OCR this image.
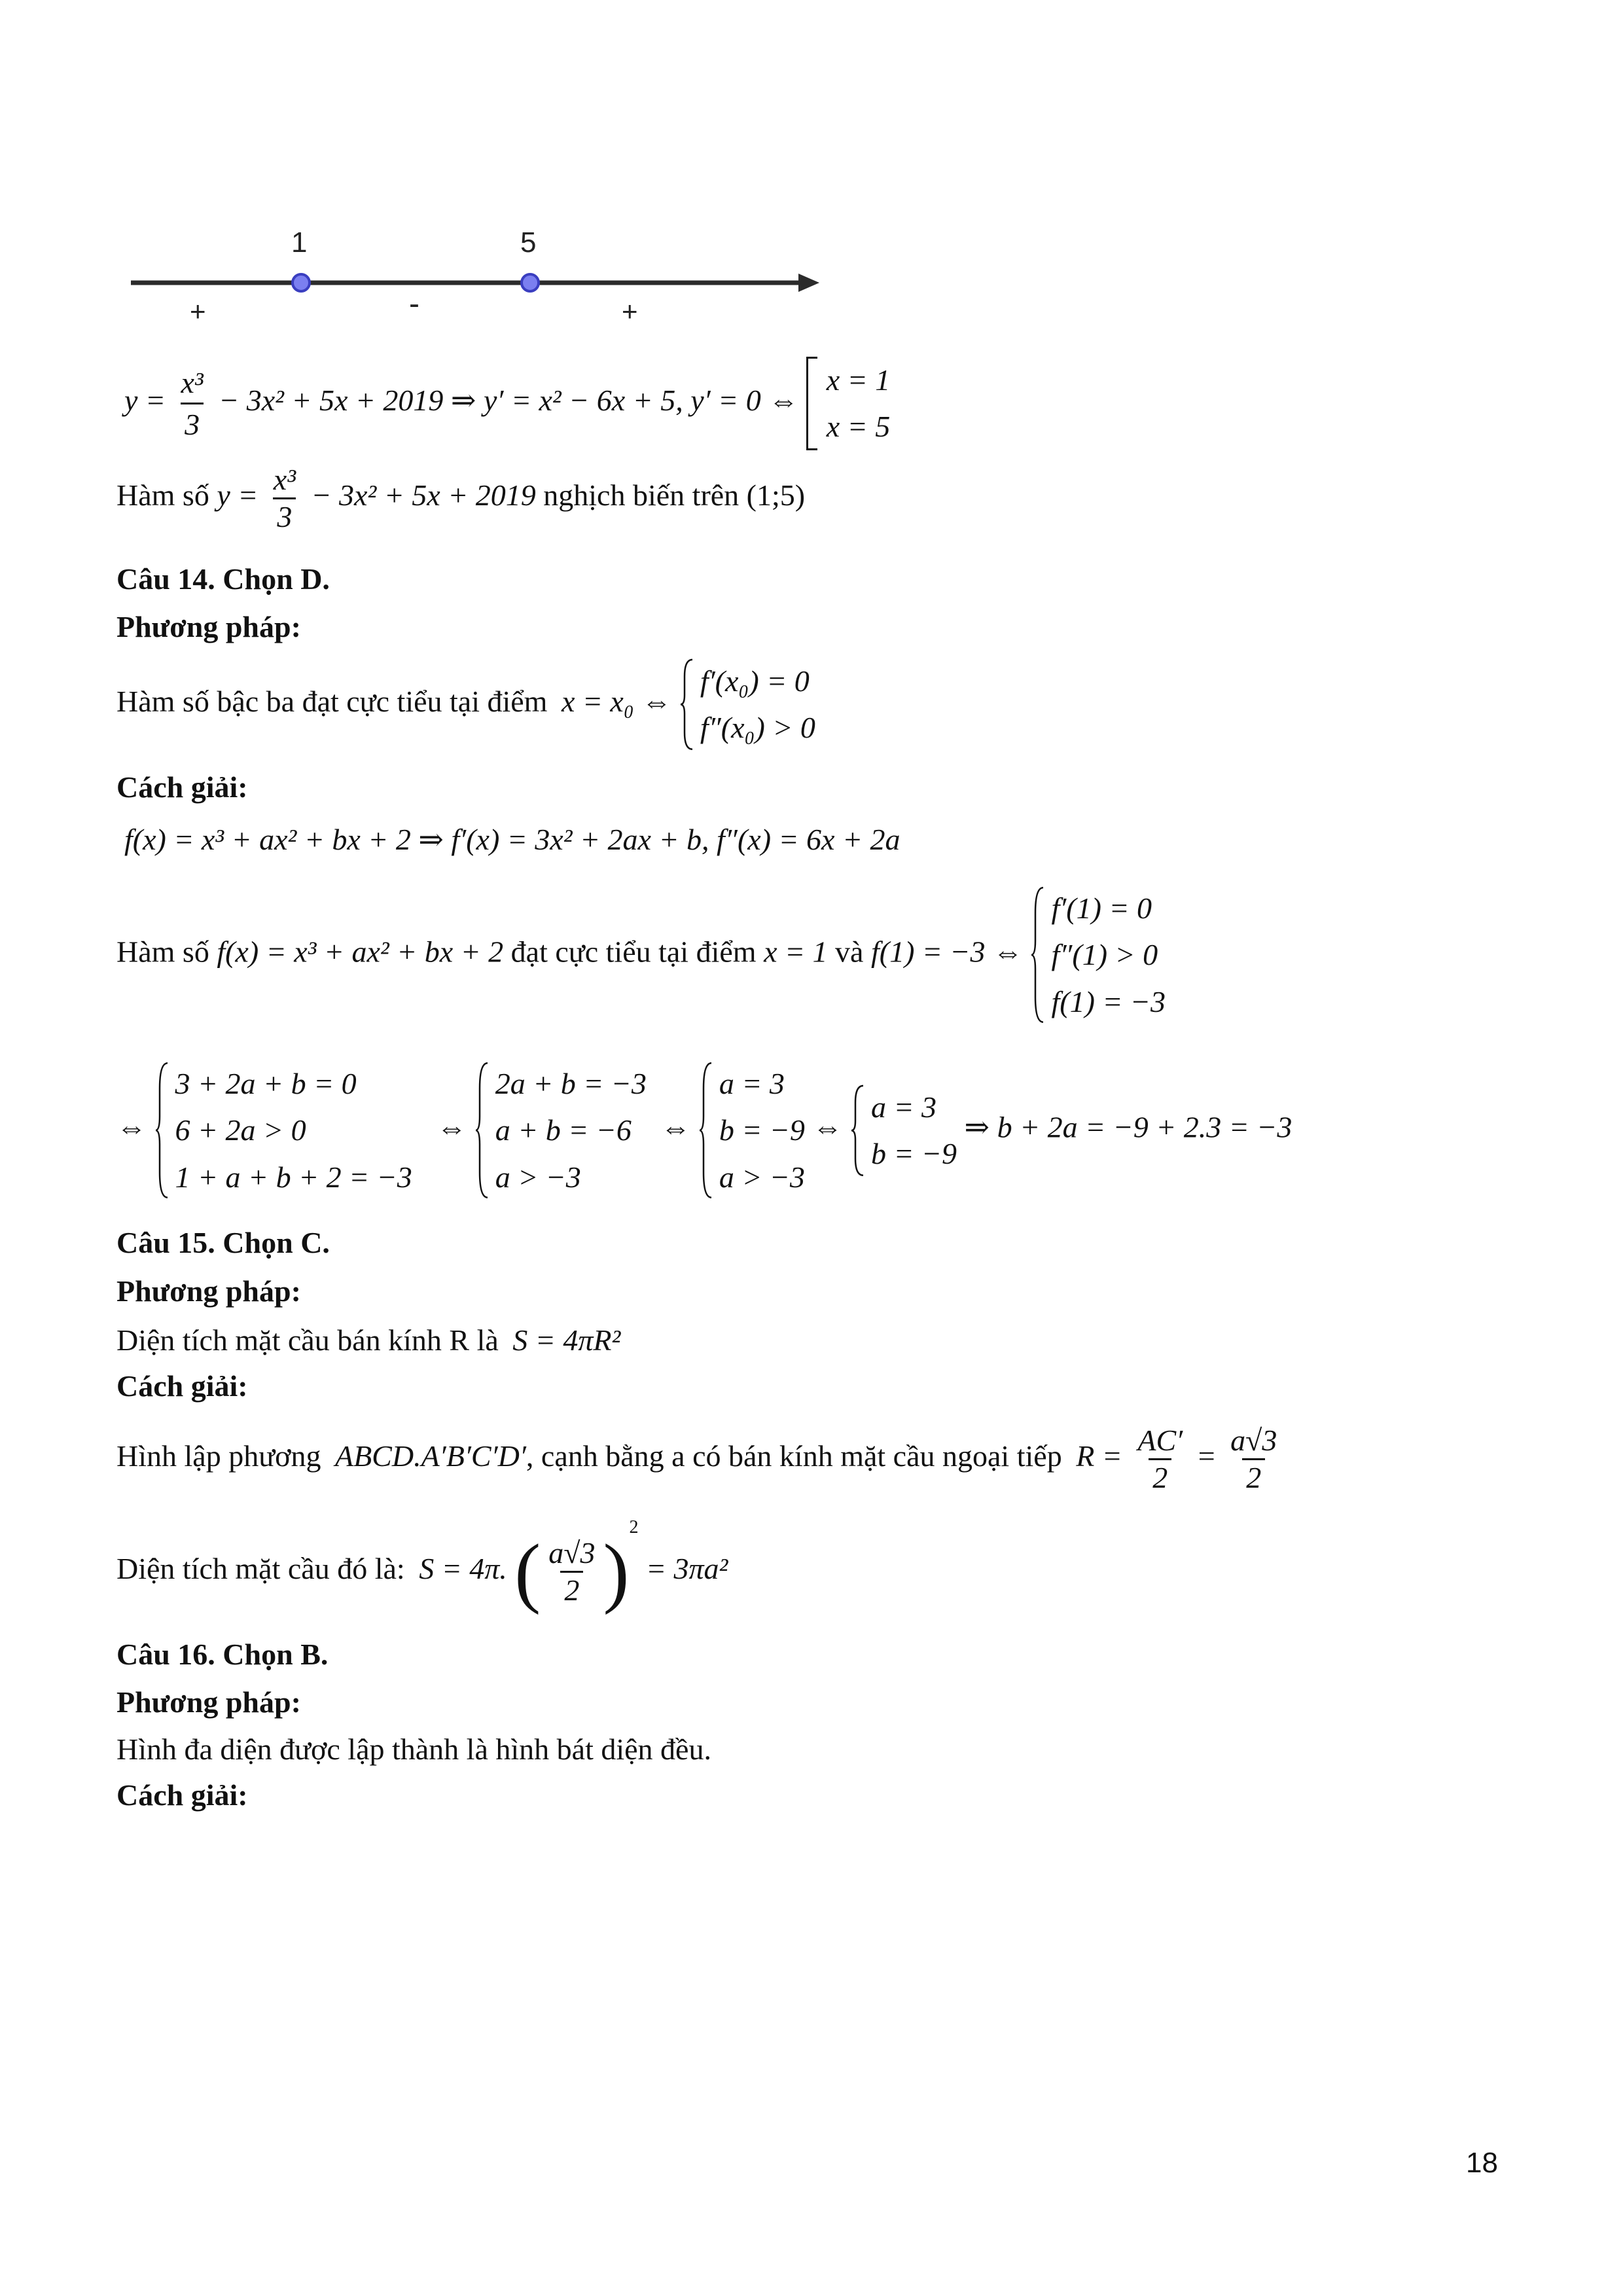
1	5
+	-	+
$y = \frac{\text{x³}}{3} - 3x^2 + 5x + 2019$ ⇒ y′ = x² − 6x + 5, y′ = 0 ⇔
x = 1
x = 5
Hàm số $y = \frac{\text{x³}}{3} - 3x^2 + 5x + 2019$ nghịch biến trên (1;5)
Câu 14. Chọn D.
Phương pháp:
Hàm số bậc ba đạt cực tiểu tại điểm x = x₀ ⇔
f′(x₀) = 0
f″(x₀) > 0
Cách giải:
f(x) = x³ + ax² + bx + 2 ⇒ f′(x) = 3x² + 2ax + b, f″(x) = 6x + 2a
Hàm số f(x) = x³ + ax² + bx + 2 đạt cực tiểu tại điểm x = 1 và f(1) = −3 ⇔
f′(1) = 0
f″(1) > 0
f(1) = −3
⇔
3 + 2a + b = 0
6 + 2a > 0
1 + a + b + 2 = −3
⇔
2a + b = −3
a + b = −6
a > −3
⇔
a = 3
b = −9
a > −3
⇔
a = 3
b = −9
⇒ b + 2a = −9 + 2.3 = −3
Câu 15. Chọn C.
Phương pháp:
Diện tích mặt cầu bán kính R là S = 4πR²
Cách giải:
Hình lập phương ABCD.A′B′C′D′, cạnh bằng a có bán kính mặt cầu ngoại tiếp $R = \frac{AC'}{2} = \frac{a√3}{2}$
Diện tích mặt cầu đó là: S = 4π. ( $\frac{a√3}{2} )^2 = 3\pi a^2$
Câu 16. Chọn B.
Phương pháp:
Hình đa diện được lập thành là hình bát diện đều.
Cách giải:
18
